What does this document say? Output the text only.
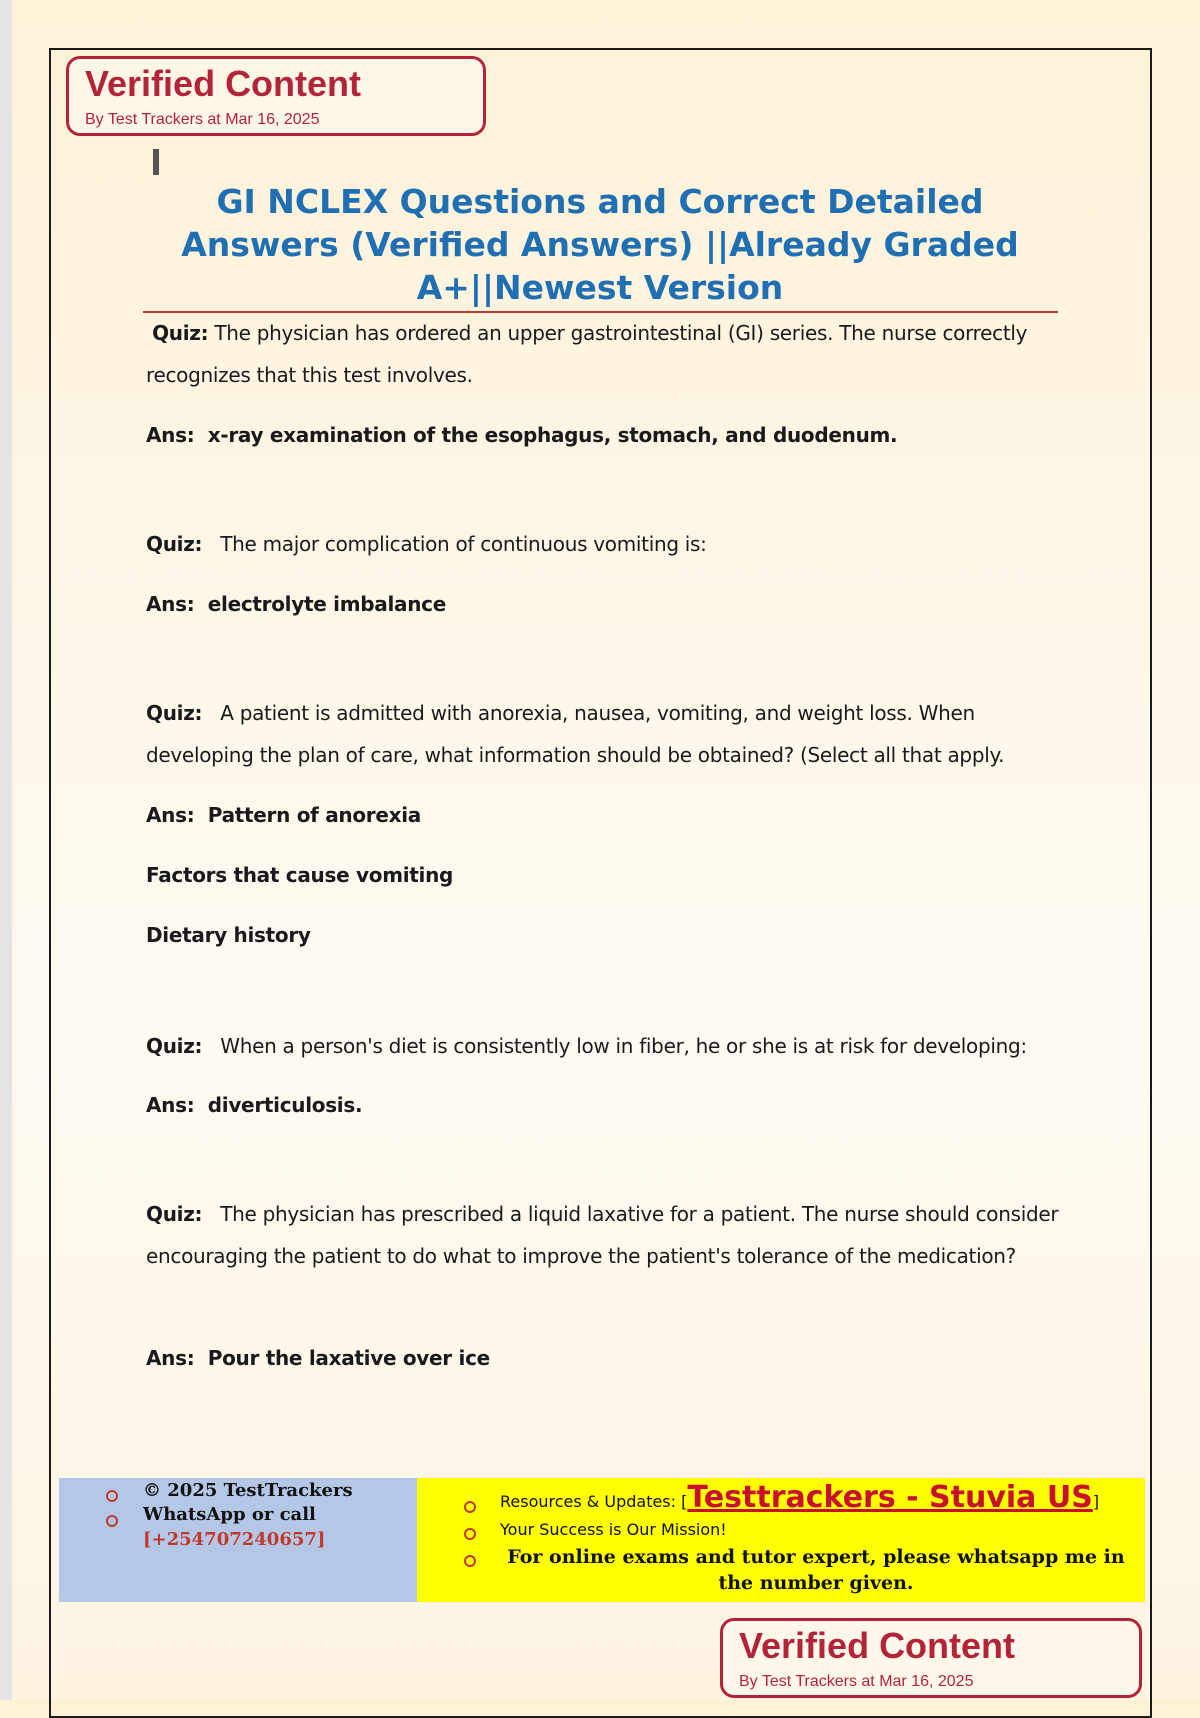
Verified Content
By Test Trackers at Mar 16, 2025
GI NCLEX Questions and Correct Detailed Answers (Verified Answers) ||Already Graded A+||Newest Version
Quiz: The physician has ordered an upper gastrointestinal (GI) series. The nurse correctly recognizes that this test involves.
Ans: x-ray examination of the esophagus, stomach, and duodenum.
Quiz: The major complication of continuous vomiting is:
Ans: electrolyte imbalance
Quiz: A patient is admitted with anorexia, nausea, vomiting, and weight loss. When developing the plan of care, what information should be obtained? (Select all that apply.
Ans: Pattern of anorexia
Factors that cause vomiting
Dietary history
Quiz: When a person's diet is consistently low in fiber, he or she is at risk for developing:
Ans: diverticulosis.
Quiz: The physician has prescribed a liquid laxative for a patient. The nurse should consider encouraging the patient to do what to improve the patient's tolerance of the medication?
Ans: Pour the laxative over ice
© 2025 TestTrackers
WhatsApp or call
[+254707240657]
Resources & Updates: [Testtrackers - Stuvia US]
Your Success is Our Mission!
For online exams and tutor expert, please whatsapp me in the number given.
Verified Content
By Test Trackers at Mar 16, 2025
